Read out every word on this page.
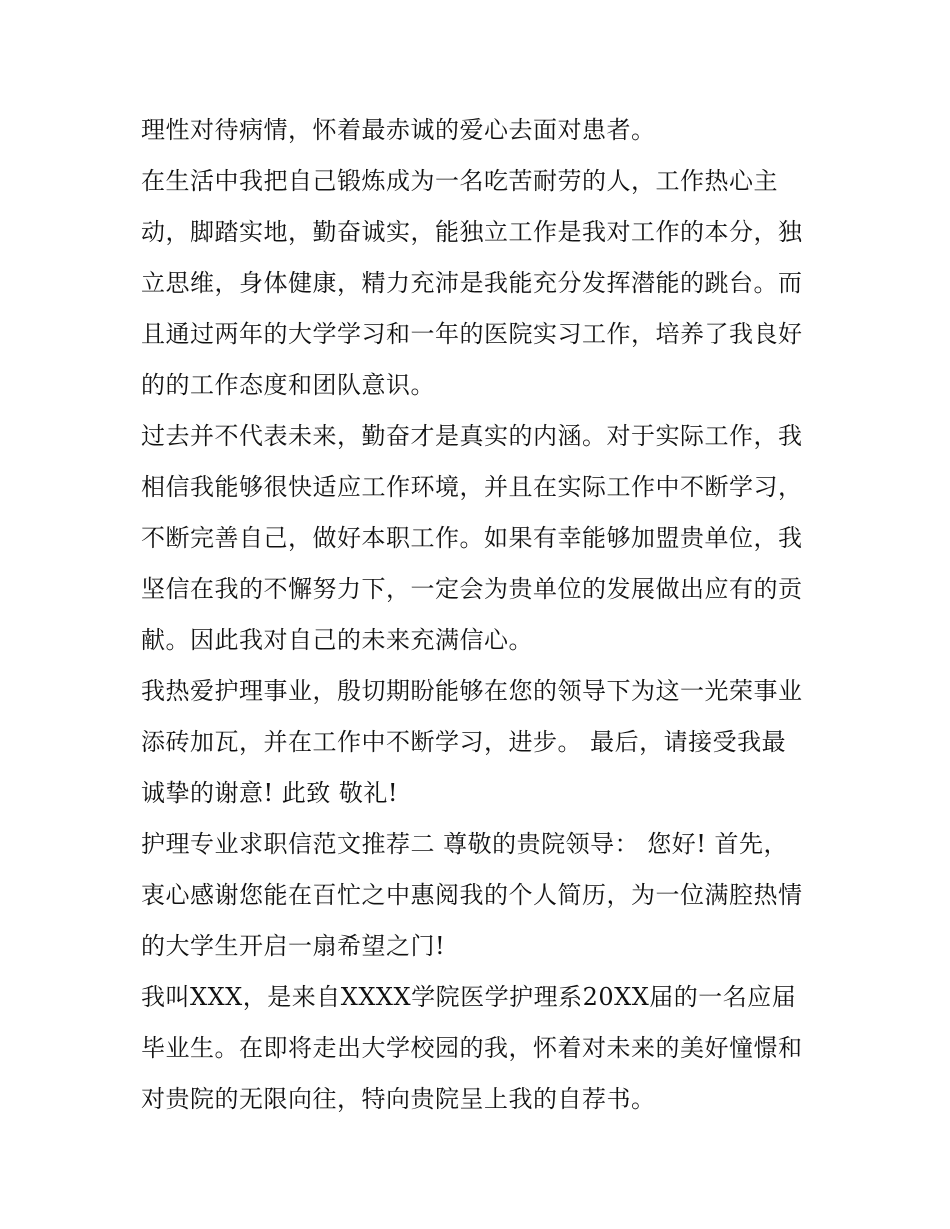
理性对待病情，怀着最赤诚的爱心去面对患者。
在生活中我把自己锻炼成为一名吃苦耐劳的人，工作热心主
动，脚踏实地，勤奋诚实，能独立工作是我对工作的本分，独
立思维，身体健康，精力充沛是我能充分发挥潜能的跳台。而
且通过两年的大学学习和一年的医院实习工作，培养了我良好
的的工作态度和团队意识。
过去并不代表未来，勤奋才是真实的内涵。对于实际工作，我
相信我能够很快适应工作环境，并且在实际工作中不断学习，
不断完善自己，做好本职工作。如果有幸能够加盟贵单位，我
坚信在我的不懈努力下，一定会为贵单位的发展做出应有的贡
献。因此我对自己的未来充满信心。
我热爱护理事业，殷切期盼能够在您的领导下为这一光荣事业
添砖加瓦，并在工作中不断学习，进步。 最后，请接受我最
诚挚的谢意! 此致 敬礼!
护理专业求职信范文推荐二 尊敬的贵院领导： 您好! 首先，
衷心感谢您能在百忙之中惠阅我的个人简历，为一位满腔热情
的大学生开启一扇希望之门!
我叫XXX，是来自XXXX学院医学护理系20XX届的一名应届
毕业生。在即将走出大学校园的我，怀着对未来的美好憧憬和
对贵院的无限向往，特向贵院呈上我的自荐书。
